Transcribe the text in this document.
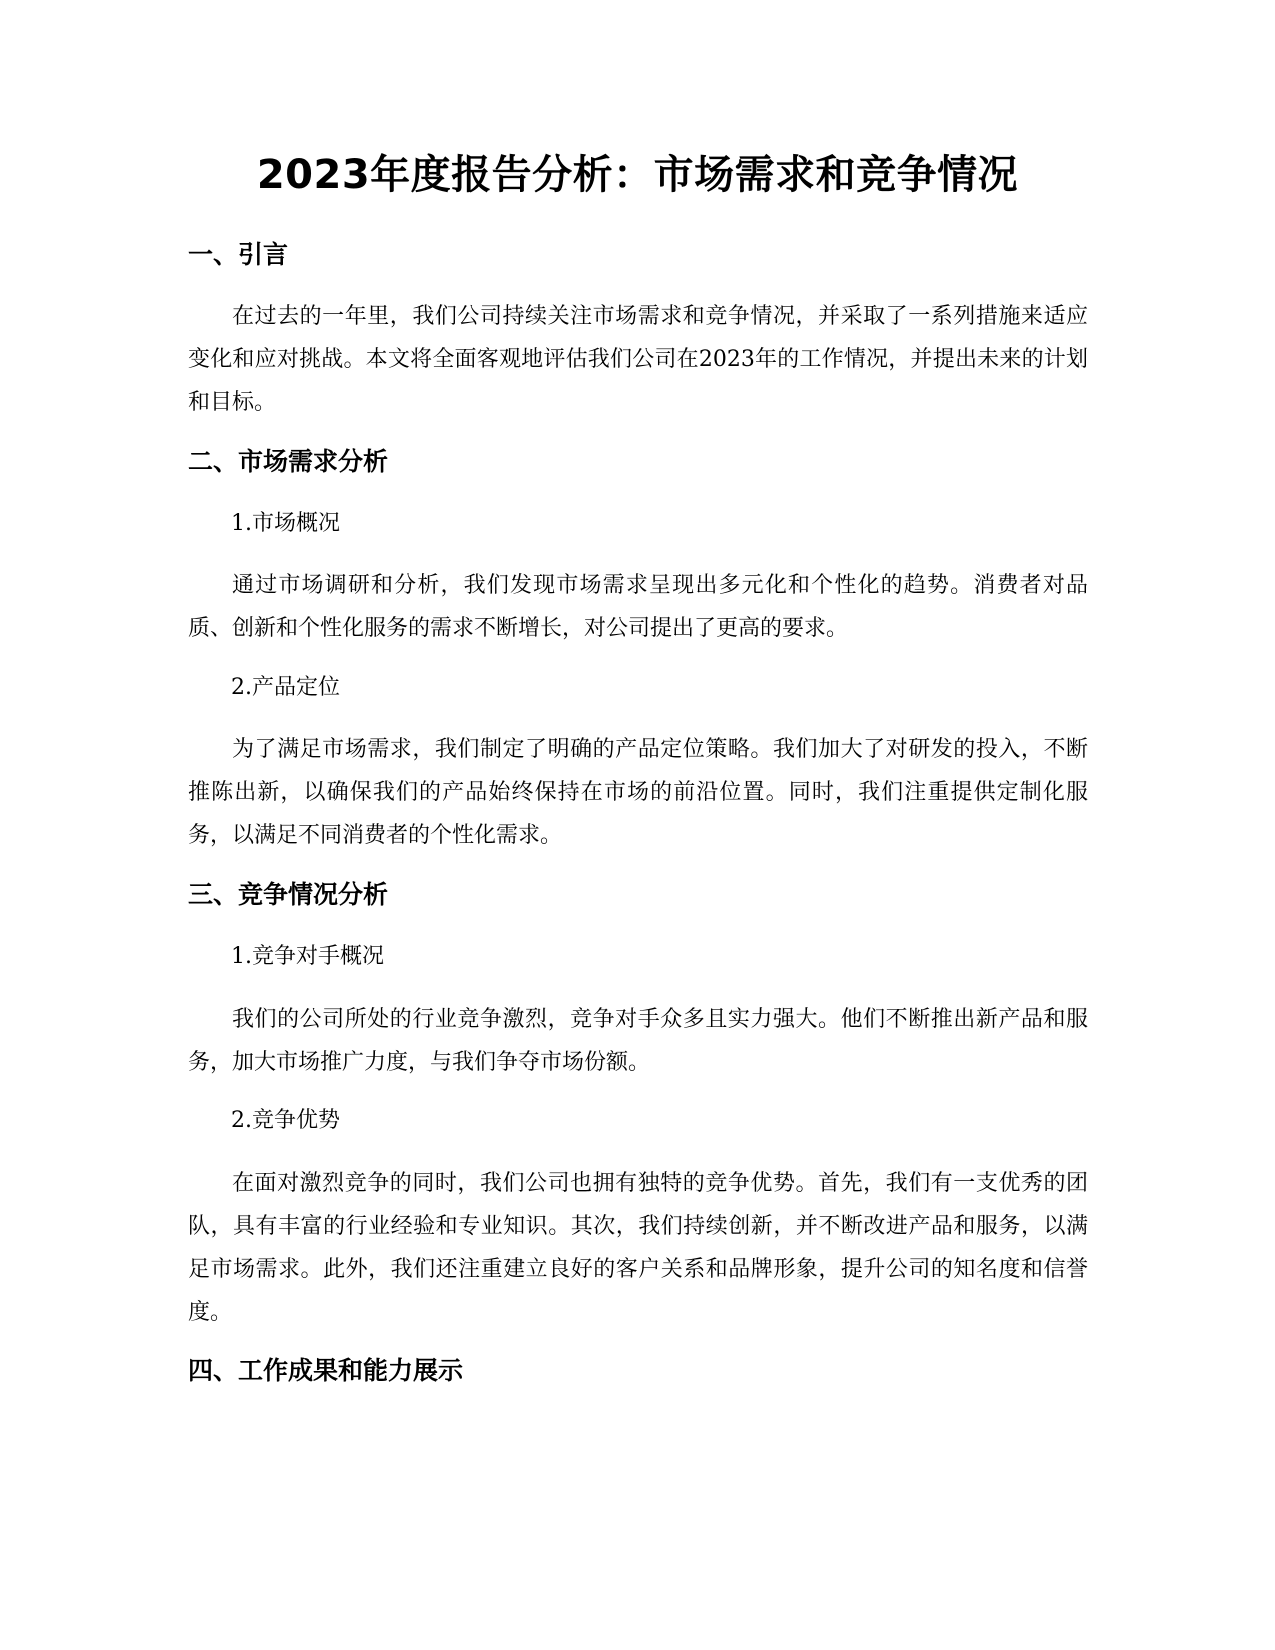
2023年度报告分析：市场需求和竞争情况
一、引言

在过去的一年里，我们公司持续关注市场需求和竞争情况，并采取了一系列措施来适应变化和应对挑战。本文将全面客观地评估我们公司在2023年的工作情况，并提出未来的计划和目标。

二、市场需求分析

1.市场概况

通过市场调研和分析，我们发现市场需求呈现出多元化和个性化的趋势。消费者对品质、创新和个性化服务的需求不断增长，对公司提出了更高的要求。

2.产品定位

为了满足市场需求，我们制定了明确的产品定位策略。我们加大了对研发的投入，不断推陈出新，以确保我们的产品始终保持在市场的前沿位置。同时，我们注重提供定制化服务，以满足不同消费者的个性化需求。

三、竞争情况分析

1.竞争对手概况

我们的公司所处的行业竞争激烈，竞争对手众多且实力强大。他们不断推出新产品和服务，加大市场推广力度，与我们争夺市场份额。

2.竞争优势

在面对激烈竞争的同时，我们公司也拥有独特的竞争优势。首先，我们有一支优秀的团队，具有丰富的行业经验和专业知识。其次，我们持续创新，并不断改进产品和服务，以满足市场需求。此外，我们还注重建立良好的客户关系和品牌形象，提升公司的知名度和信誉度。

四、工作成果和能力展示
